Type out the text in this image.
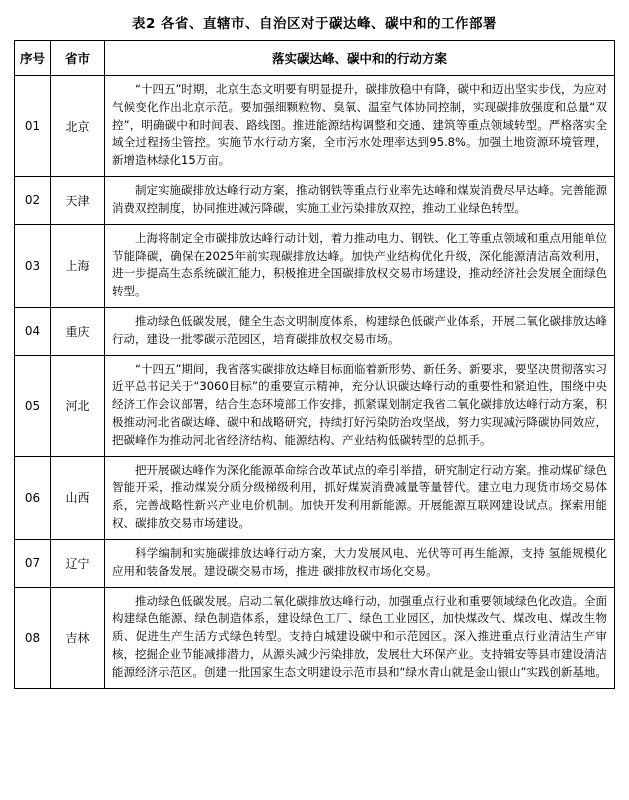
表2 各省、直辖市、自治区对于碳达峰、碳中和的工作部署
序号	省市	落实碳达峰、碳中和的行动方案
01	北京	“十四五”时期，北京生态文明要有明显提升，碳排放稳中有降，碳中和迈出坚实步伐，为应对气候变化作出北京示范。要加强细颗粒物、臭氧、温室气体协同控制，实现碳排放强度和总量“双控”，明确碳中和时间表、路线图。推进能源结构调整和交通、建筑等重点领域转型。严格落实全域全过程扬尘管控。实施节水行动方案，全市污水处理率达到95.8%。加强土地资源环境管理，新增造林绿化15万亩。

02	天津	制定实施碳排放达峰行动方案，推动钢铁等重点行业率先达峰和煤炭消费尽早达峰。完善能源消费双控制度，协同推进减污降碳，实施工业污染排放双控，推动工业绿色转型。

03	上海	上海将制定全市碳排放达峰行动计划，着力推动电力、钢铁、化工等重点领域和重点用能单位节能降碳，确保在2025年前实现碳排放达峰。加快产业结构优化升级，深化能源清洁高效利用，进一步提高生态系统碳汇能力，积极推进全国碳排放权交易市场建设，推动经济社会发展全面绿色转型。

04	重庆	推动绿色低碳发展，健全生态文明制度体系，构建绿色低碳产业体系，开展二氧化碳排放达峰行动，建设一批零碳示范园区，培育碳排放权交易市场。

05	河北	“十四五”期间，我省落实碳排放达峰目标面临着新形势、新任务、新要求，要坚决贯彻落实习近平总书记关于“3060目标”的重要宣示精神，充分认识碳达峰行动的重要性和紧迫性，围绕中央经济工作会议部署，结合生态环境部工作安排，抓紧谋划制定我省二氧化碳排放达峰行动方案，积极推动河北省碳达峰、碳中和战略研究，持续打好污染防治攻坚战，努力实现减污降碳协同效应，把碳峰作为推动河北省经济结构、能源结构、产业结构低碳转型的总抓手。

06	山西	把开展碳达峰作为深化能源革命综合改革试点的牵引举措，研究制定行动方案。推动煤矿绿色智能开采，推动煤炭分质分级梯级利用，抓好煤炭消费减量等量替代。建立电力现货市场交易体系，完善战略性新兴产业电价机制。加快开发利用新能源。开展能源互联网建设试点。探索用能权、碳排放交易市场建设。

07	辽宁	科学编制和实施碳排放达峰行动方案，大力发展风电、光伏等可再生能源，支持 氢能规模化应用和装备发展。建设碳交易市场，推进 碳排放权市场化交易。

08	吉林	推动绿色低碳发展。启动二氧化碳排放达峰行动，加强重点行业和重要领域绿色化改造。全面构建绿色能源、绿色制造体系，建设绿色工厂、绿色工业园区，加快煤改气、煤改电、煤改生物质、促进生产生活方式绿色转型。支持白城建设碳中和示范园区。深入推进重点行业清洁生产审核，挖掘企业节能减排潜力，从源头减少污染排放，发展壮大环保产业。支持辑安等县市建设清洁能源经济示范区。创建一批国家生态文明建设示范市县和“绿水青山就是金山银山”实践创新基地。
